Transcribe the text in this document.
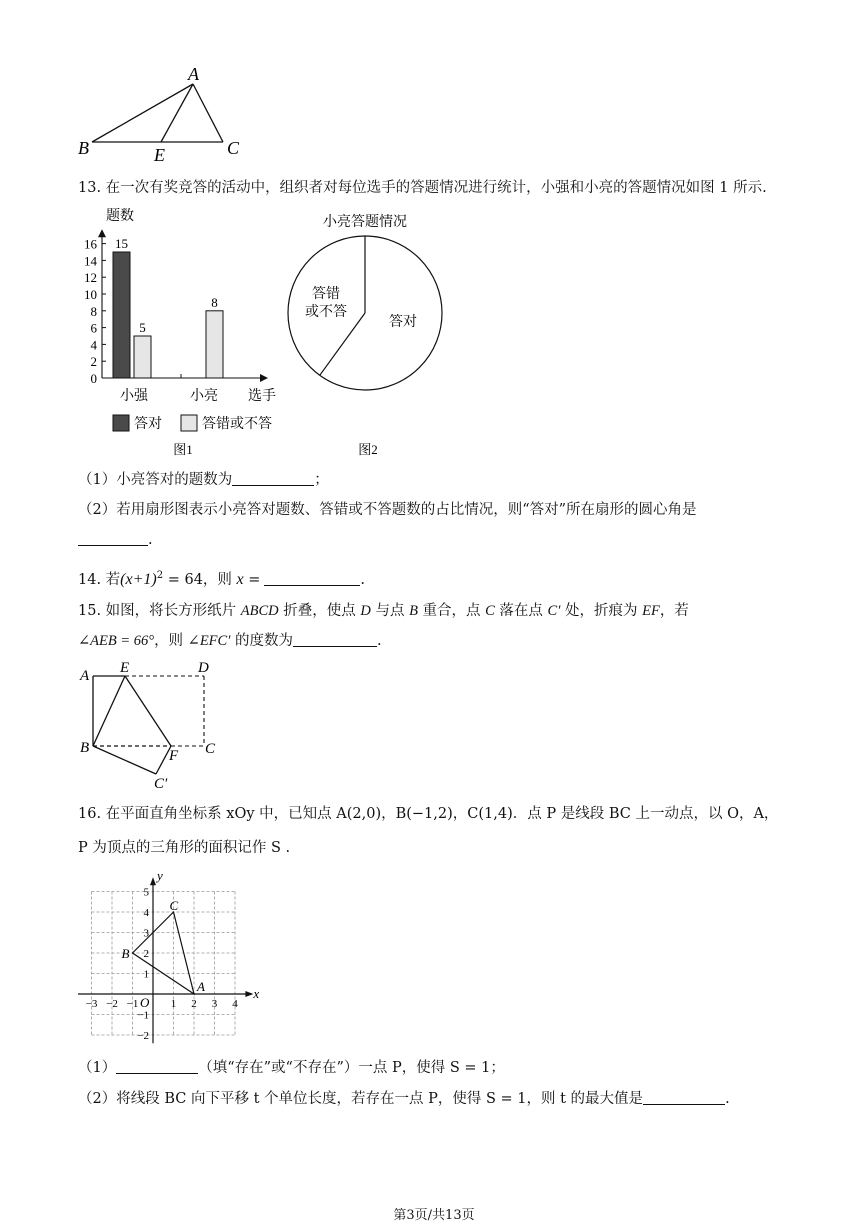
A
B	E	C
13. 在一次有奖竞答的活动中，组织者对每位选手的答题情况进行统计，小强和小亮的答题情况如图 1 所示.
题数
0
2
4
6
8
10
12
14
16 15
5
8
小强	小亮 选手
答对	答错或不答
图1
小亮答题情况
答对
答错
或不答
图2
（1）小亮答对的题数为	；
（2）若用扇形图表示小亮答对题数、答错或不答题数的占比情况，则“答对”所在扇形的圆心角是
.
14. 若$(x+1)^2 = 64$，则 x =	.
15. 如图，将长方形纸片 ABCD 折叠，使点 D 与点 B 重合，点 C 落在点 C′ 处，折痕为 EF，若
∠AEB = 66°，则 ∠EFC′ 的度数为	.
A E	D
B	F C
C′
16. 在平面直角坐标系 xOy 中，已知点 A(2,0)，B(−1,2)，C(1,4)．点 P 是线段 BC 上一动点，以 O，A，
P 为顶点的三角形的面积记作 S .
y
x
O
−3 −2 −1	1 2 3 4
5
4
3
2
1
−1
−2
A
B
C
（1）	（填“存在”或“不存在”）一点 P，使得 S = 1；
（2）将线段 BC 向下平移 t 个单位长度，若存在一点 P，使得 S = 1，则 t 的最大值是	.
第3页/共13页
